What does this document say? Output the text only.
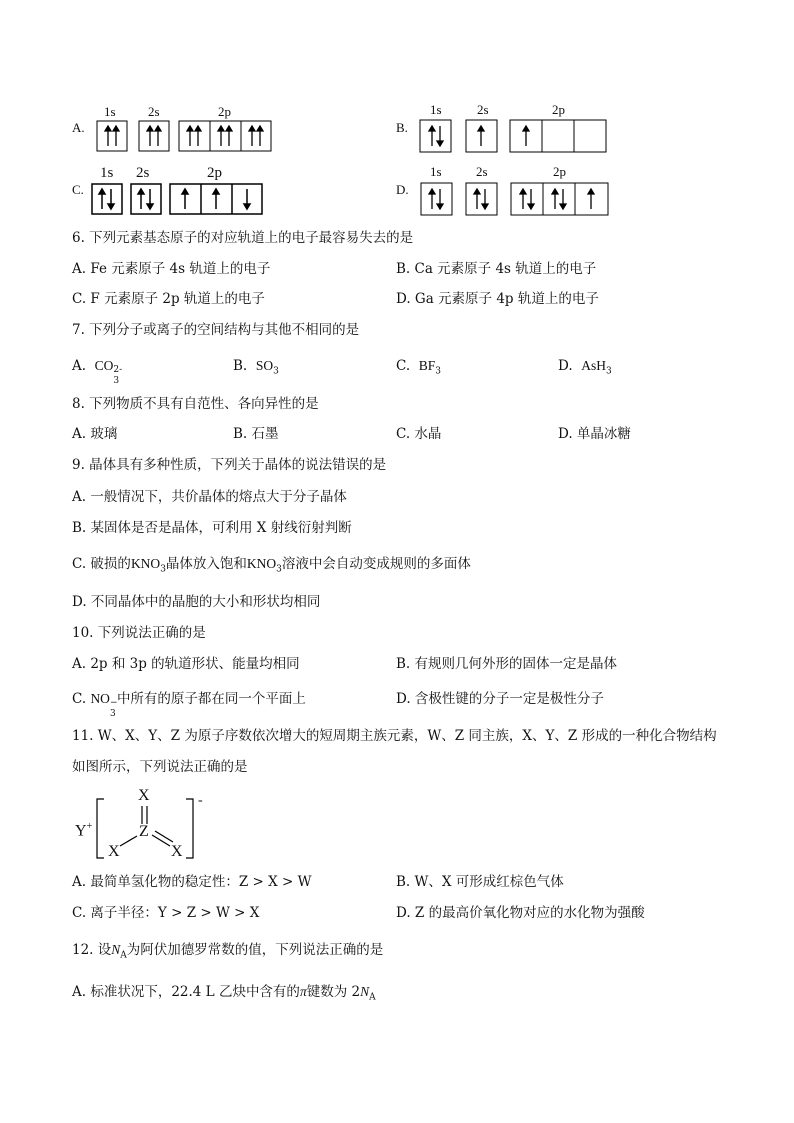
A.
1s 2s	2p
B.
1s	2s	2p
C.
1s 2s	2p
D.
1s	2s	2p
6. 下列元素基态原子的对应轨道上的电子最容易失去的是
A. Fe 元素原子 4s 轨道上的电子	B. Ca 元素原子 4s 轨道上的电子
C. F 元素原子 2p 轨道上的电子	D. Ga 元素原子 4p 轨道上的电子
7. 下列分子或离子的空间结构与其他不相同的是
A. CO 2-
3
B. $SO_3$	C. $BF_3$	D. AsH$_3$
8. 下列物质不具有自范性、各向异性的是
A. 玻璃	B. 石墨	C. 水晶	D. 单晶冰糖
9. 晶体具有多种性质，下列关于晶体的说法错误的是
A. 一般情况下，共价晶体的熔点大于分子晶体
B. 某固体是否是晶体，可利用 X 射线衍射判断
C. 破损的$KNO_3$晶体放入饱和$KNO_3$溶液中会自动变成规则的多面体
D. 不同晶体中的晶胞的大小和形状均相同
10. 下列说法正确的是
A. 2p 和 3p 的轨道形状、能量均相同	B. 有规则几何外形的固体一定是晶体
C. NO −
3
中所有的原子都在同一个平面上	D. 含极性键的分子一定是极性分子
11. W、X、Y、Z 为原子序数依次增大的短周期主族元素，W、Z 同主族，X、Y、Z 形成的一种化合物结构
如图所示，下列说法正确的是
Y+
X
Z
X	X
-
A. 最简单氢化物的稳定性：Z > X > W	B. W、X 可形成红棕色气体
C. 离子半径：Y > Z > W > X	D. Z 的最高价氧化物对应的水化物为强酸
12. 设$N_A$为阿伏加德罗常数的值，下列说法正确的是
A. 标准状况下，22.4 L 乙炔中含有的π键数为 $2N_A$
